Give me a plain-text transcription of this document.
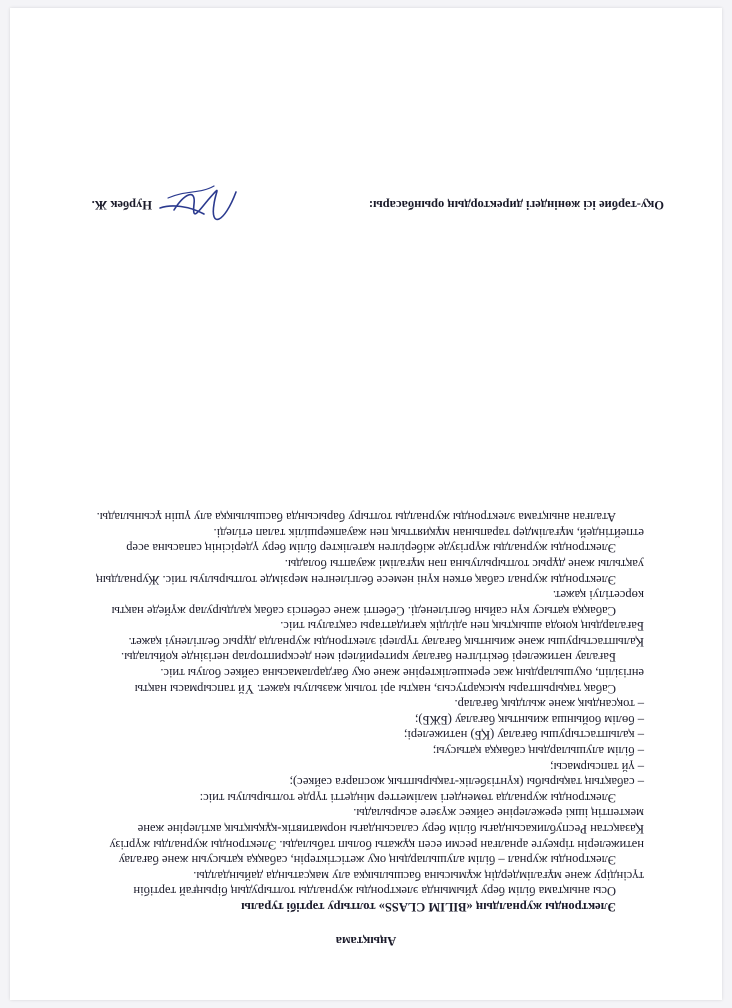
Аңықтама
Электронды журналдың «BILIM CLASS» толтыру тәртібі туралы
Осы анықтама білім беру ұйымында электронды журналды толтырудың бірыңғай тәртібін түсіндіру және мұғалімдердің жұмысына басшылықка алу мақсатында дайындалды.
Электронды журнал – білім алушылардың оқу жетістіктерін, сабаққа қатысуын және бағалау нәтижелерін тіркеуге арналған ресми есеп құжаты болып табылады. Электронды журналды жүргізу Қазақстан Республикасындағы білім беру саласындағы нормативтік-құқықтық актілеріне және мектептің ішкі ережелеріне сәйкес жүзеге асырылады.
Электронды журналда төмендегі мәліметтер міндетті түрде толтырылуы тиіс:
– сабақтың тақырыбы (күнтізбелік-тақырыптық жоспарға сәйкес);
– үй тапсырмасы;
– білім алушылардың сабаққа қатысуы;
– қалыптастырушы бағалау (ҚБ) нәтижелері;
– бөлім бойынша жиынтық бағалау (БЖБ);
– тоқсандық және жылдық бағалар.
Сабақ тақырыптары қысқартусыз, нақты әрі толық жазылуы қажет. Үй тапсырмасы нақты енгізіліп, оқушылардың жас ерекшеліктеріне және оқу бағдарламасына сәйкес болуы тиіс.
Бағалау нәтижелері бекітілген бағалау критерийлері мен дескрипторлар негізінде қойылады. Қалыптастырушы және жиынтық бағалау түрлері электронды журналда дұрыс белгіленуі қажет. Бағалардың қоюда ашықтық пен әділдік қағидаттары сақталуы тиіс.
Сабаққа қатысу күн сайын белгіленеді. Себепті және себепсіз сабақ қалдырулар жүйеде нақты көрсетілуі қажет.
Электронды журнал сабақ өткен күні немесе белгіленген мерзімде толтырылуы тиіс. Журналдың уақтылы және дұрыс толтырылуына пән мұғалімі жауапты болады.
Электронды журналды жүргізуде жіберілген қателіктер білім беру үдерісінің сапасына әсер етпейтіндей, мұғалімдер тарапынан мұқияттық пен жауапкершілік талап етіледі.
Аталған анықтама электронды журналды толтыру барысында басшылыққа алу үшін ұсынылады.
Оқу-тәрбие ісі жөніндегі директордың орынбасары:
Нурбек Ж.
